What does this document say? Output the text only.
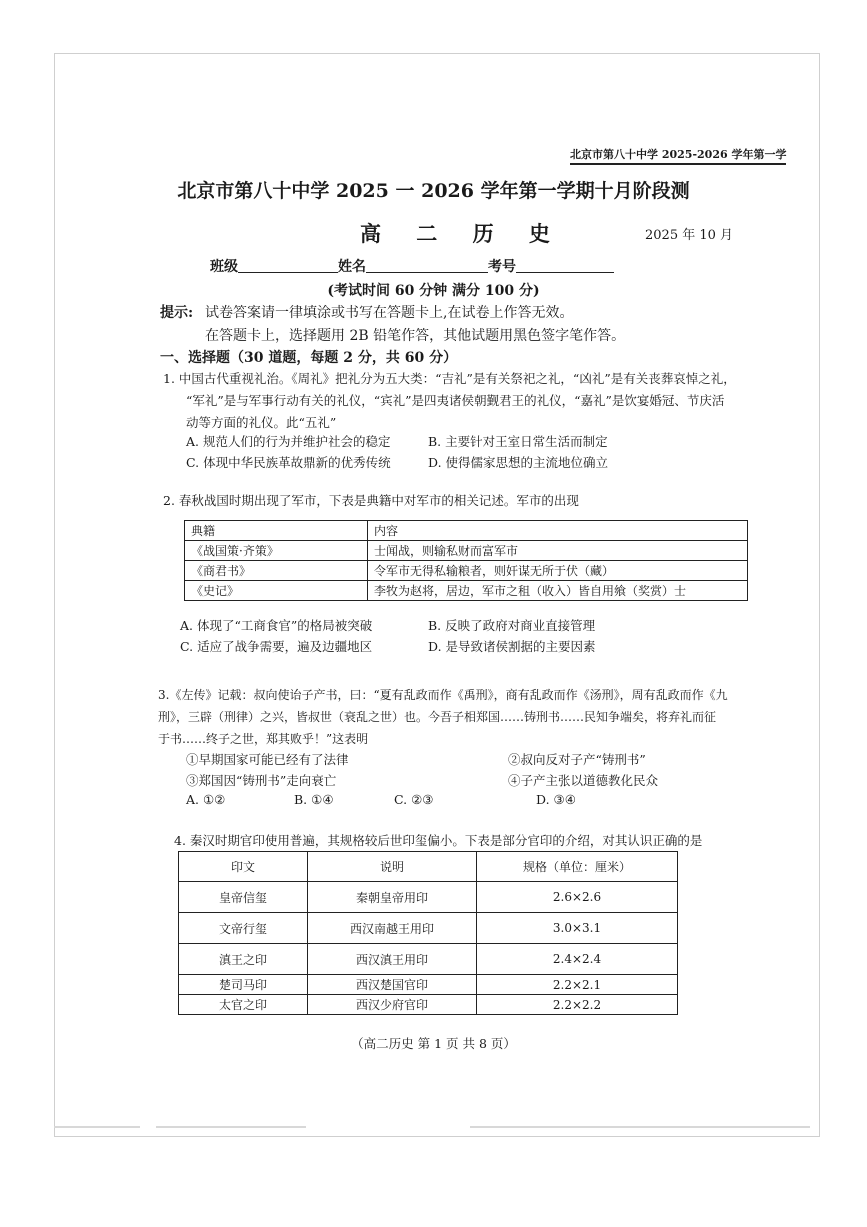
北京市第八十中学 2025-2026 学年第一学
北京市第八十中学 2025 一 2026 学年第一学期十月阶段测
高 二 历 史	2025 年 10 月
班级	姓名	考号
(考试时间 60 分钟 满分 100 分)
提示: 试卷答案请一律填涂或书写在答题卡上,在试卷上作答无效。
在答题卡上，选择题用 2B 铅笔作答，其他试题用黑色签字笔作答。
一、选择题（30 道题，每题 2 分，共 60 分）
1. 中国古代重视礼治。《周礼》把礼分为五大类：“吉礼”是有关祭祀之礼，“凶礼”是有关丧葬哀悼之礼，
“军礼”是与军事行动有关的礼仪，“宾礼”是四夷诸侯朝觐君王的礼仪，“嘉礼”是饮宴婚冠、节庆活
动等方面的礼仪。此“五礼”
A. 规范人们的行为并维护社会的稳定	B. 主要针对王室日常生活而制定
C. 体现中华民族革故鼎新的优秀传统	D. 使得儒家思想的主流地位确立
2. 春秋战国时期出现了军市，下表是典籍中对军市的相关记述。军市的出现
典籍	内容
《战国策·齐策》	士闻战，则输私财而富军市
《商君书》	令军市无得私输粮者，则奸谋无所于伏（藏）
《史记》	李牧为赵将，居边，军市之租（收入）皆自用飨（奖赏）士
A. 体现了“工商食官”的格局被突破	B. 反映了政府对商业直接管理
C. 适应了战争需要，遍及边疆地区	D. 是导致诸侯割据的主要因素
3.《左传》记载：叔向使诒子产书，曰：“夏有乱政而作《禹刑》，商有乱政而作《汤刑》，周有乱政而作《九
刑》，三辟（刑律）之兴，皆叔世（衰乱之世）也。今吾子相郑国……铸刑书……民知争端矣，将弃礼而征
于书……终子之世，郑其败乎！”这表明
①早期国家可能已经有了法律	②叔向反对子产“铸刑书”
③郑国因“铸刑书”走向衰亡	④子产主张以道德教化民众
A. ①②	B. ①④	C. ②③	D. ③④
4. 秦汉时期官印使用普遍，其规格较后世印玺偏小。下表是部分官印的介绍，对其认识正确的是
印文	说明	规格（单位：厘米）
皇帝信玺	秦朝皇帝用印	2.6×2.6
文帝行玺	西汉南越王用印	3.0×3.1
滇王之印	西汉滇王用印	2.4×2.4
楚司马印	西汉楚国官印	2.2×2.1
太官之印	西汉少府官印	2.2×2.2
（高二历史 第 1 页 共 8 页）
